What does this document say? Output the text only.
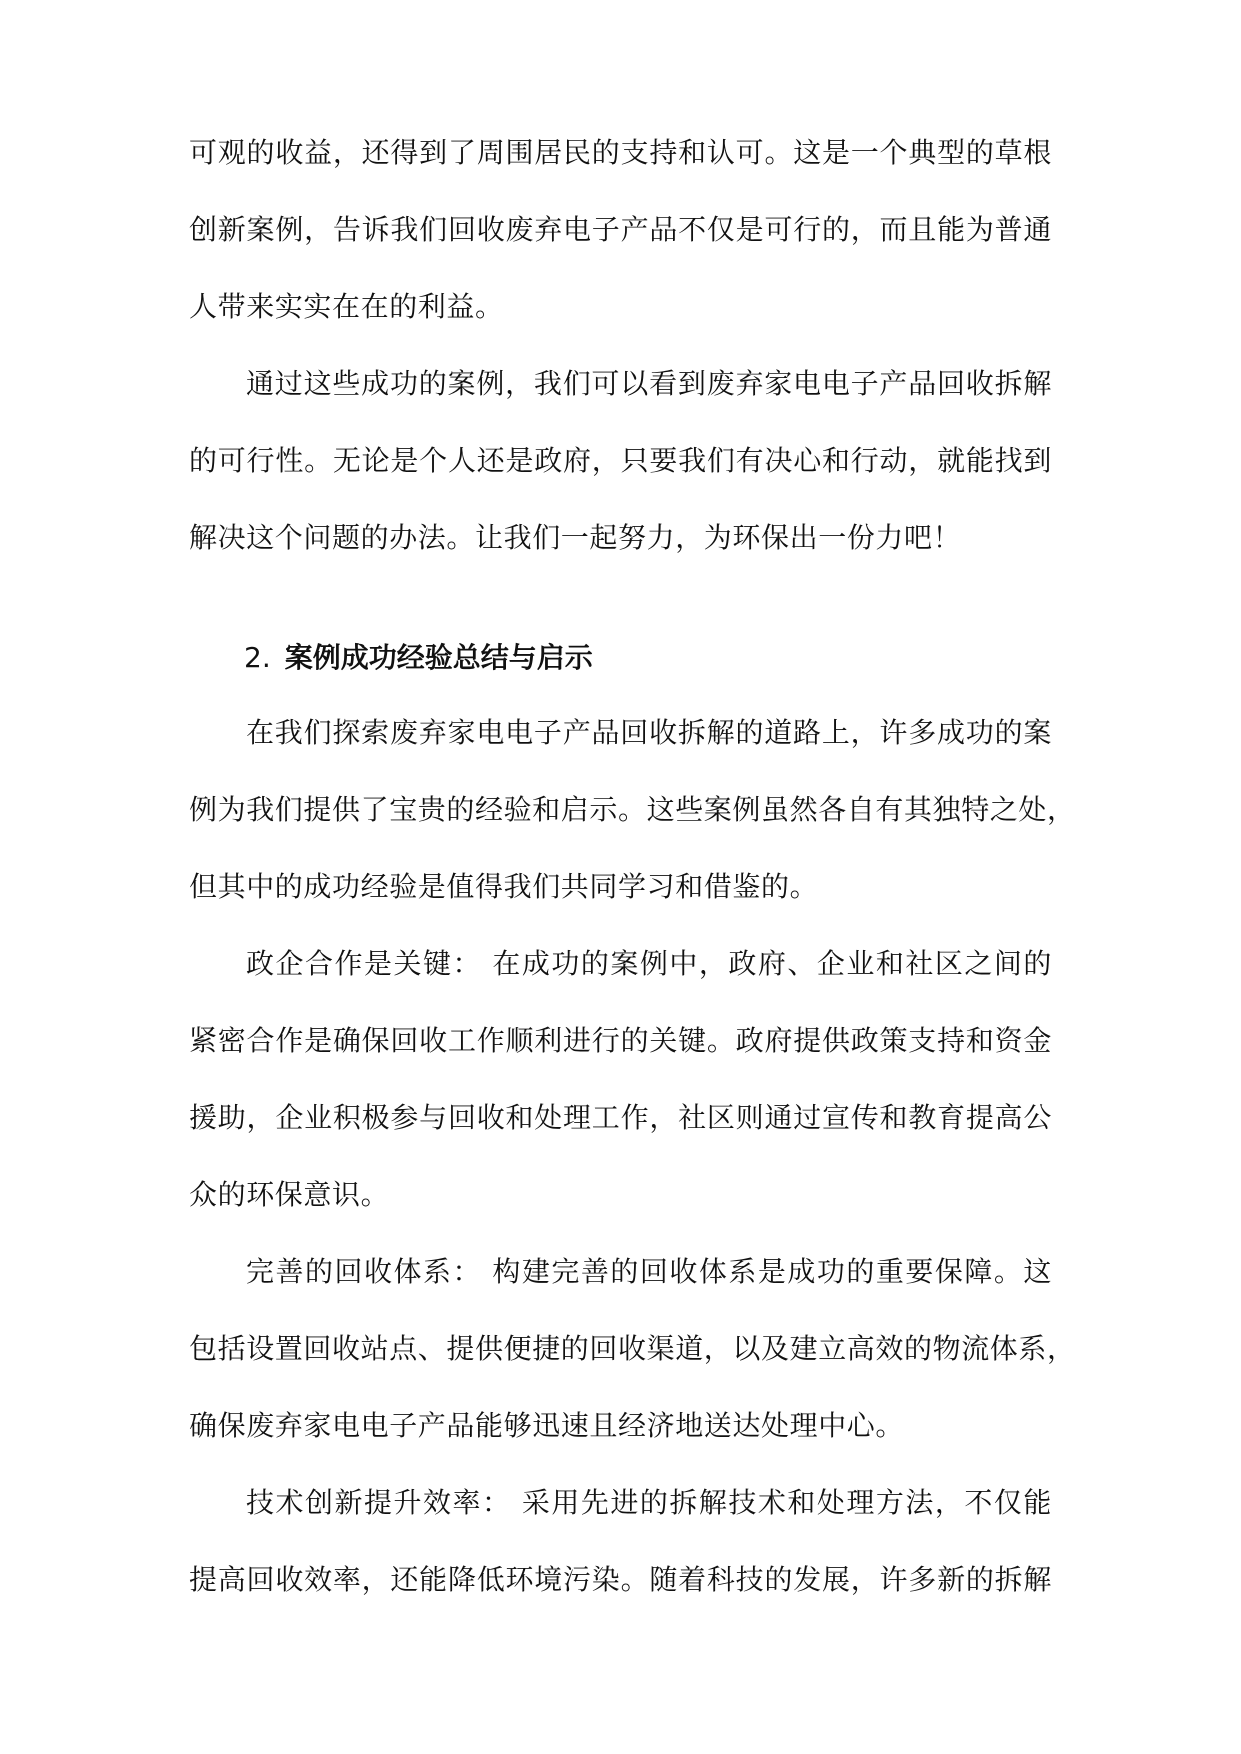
可观的收益，还得到了周围居民的支持和认可。这是一个典型的草根
创新案例，告诉我们回收废弃电子产品不仅是可行的，而且能为普通
人带来实实在在的利益。
通过这些成功的案例，我们可以看到废弃家电电子产品回收拆解
的可行性。无论是个人还是政府，只要我们有决心和行动，就能找到
解决这个问题的办法。让我们一起努力，为环保出一份力吧！
2. 案例成功经验总结与启示
在我们探索废弃家电电子产品回收拆解的道路上，许多成功的案
例为我们提供了宝贵的经验和启示。这些案例虽然各自有其独特之处，
但其中的成功经验是值得我们共同学习和借鉴的。
政企合作是关键： 在成功的案例中，政府、企业和社区之间的
紧密合作是确保回收工作顺利进行的关键。政府提供政策支持和资金
援助，企业积极参与回收和处理工作，社区则通过宣传和教育提高公
众的环保意识。
完善的回收体系： 构建完善的回收体系是成功的重要保障。这
包括设置回收站点、提供便捷的回收渠道，以及建立高效的物流体系，
确保废弃家电电子产品能够迅速且经济地送达处理中心。
技术创新提升效率： 采用先进的拆解技术和处理方法，不仅能
提高回收效率，还能降低环境污染。随着科技的发展，许多新的拆解
